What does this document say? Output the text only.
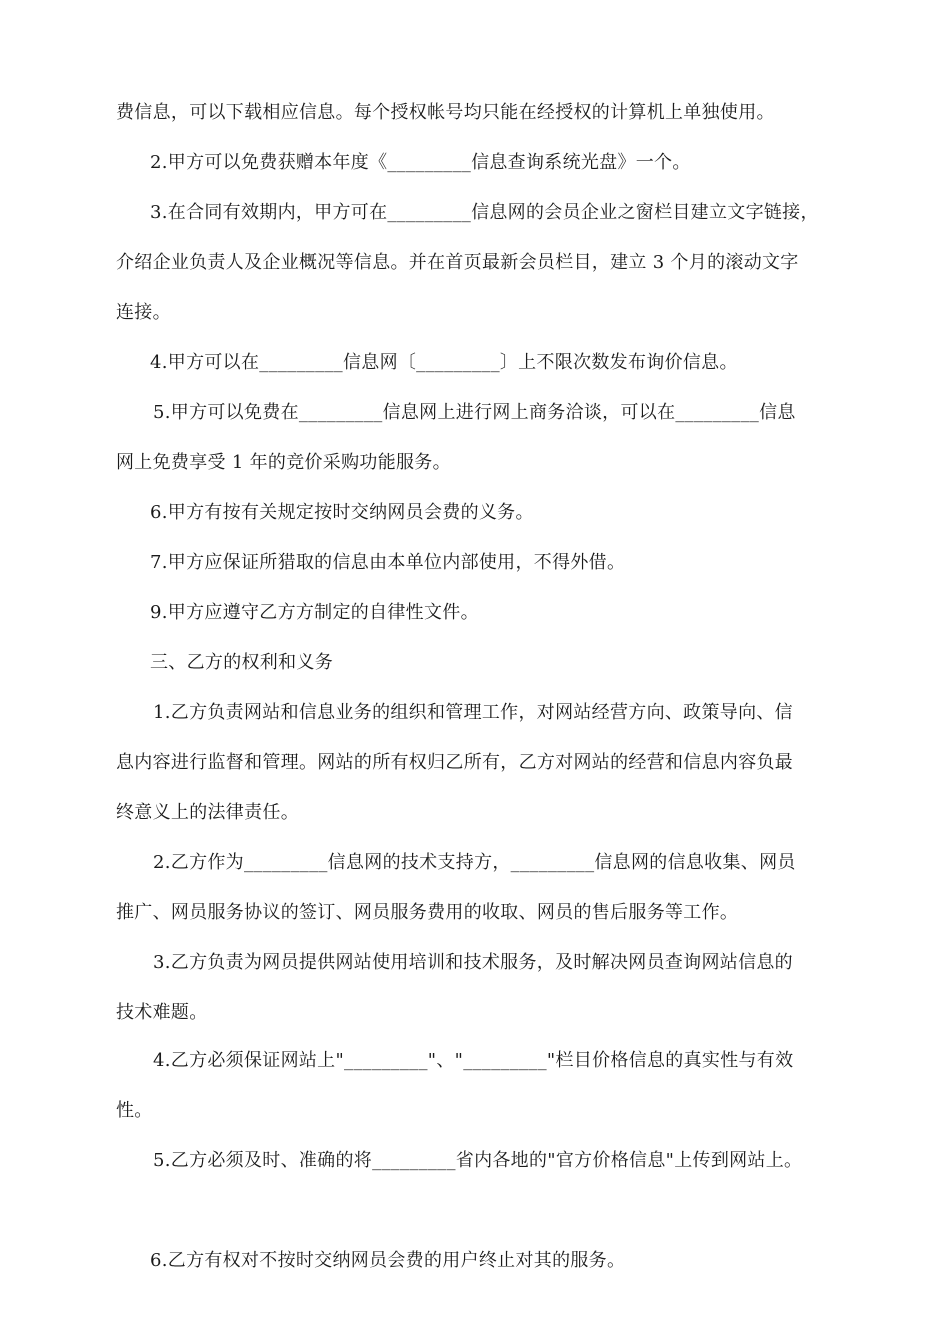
费信息，可以下载相应信息。每个授权帐号均只能在经授权的计算机上单独使用。
2.甲方可以免费获赠本年度《_________信息查询系统光盘》一个。
3.在合同有效期内，甲方可在_________信息网的会员企业之窗栏目建立文字链接，
介绍企业负责人及企业概况等信息。并在首页最新会员栏目，建立 3 个月的滚动文字
连接。
4.甲方可以在_________信息网〔_________〕上不限次数发布询价信息。
5.甲方可以免费在_________信息网上进行网上商务洽谈，可以在_________信息
网上免费享受 1 年的竞价采购功能服务。
6.甲方有按有关规定按时交纳网员会费的义务。
7.甲方应保证所猎取的信息由本单位内部使用，不得外借。
9.甲方应遵守乙方方制定的自律性文件。
三、乙方的权利和义务
1.乙方负责网站和信息业务的组织和管理工作，对网站经营方向、政策导向、信
息内容进行监督和管理。网站的所有权归乙所有，乙方对网站的经营和信息内容负最
终意义上的法律责任。
2.乙方作为_________信息网的技术支持方，_________信息网的信息收集、网员
推广、网员服务协议的签订、网员服务费用的收取、网员的售后服务等工作。
3.乙方负责为网员提供网站使用培训和技术服务，及时解决网员查询网站信息的
技术难题。
4.乙方必须保证网站上"_________"、"_________"栏目价格信息的真实性与有效
性。
5.乙方必须及时、准确的将_________省内各地的"官方价格信息"上传到网站上。
6.乙方有权对不按时交纳网员会费的用户终止对其的服务。
